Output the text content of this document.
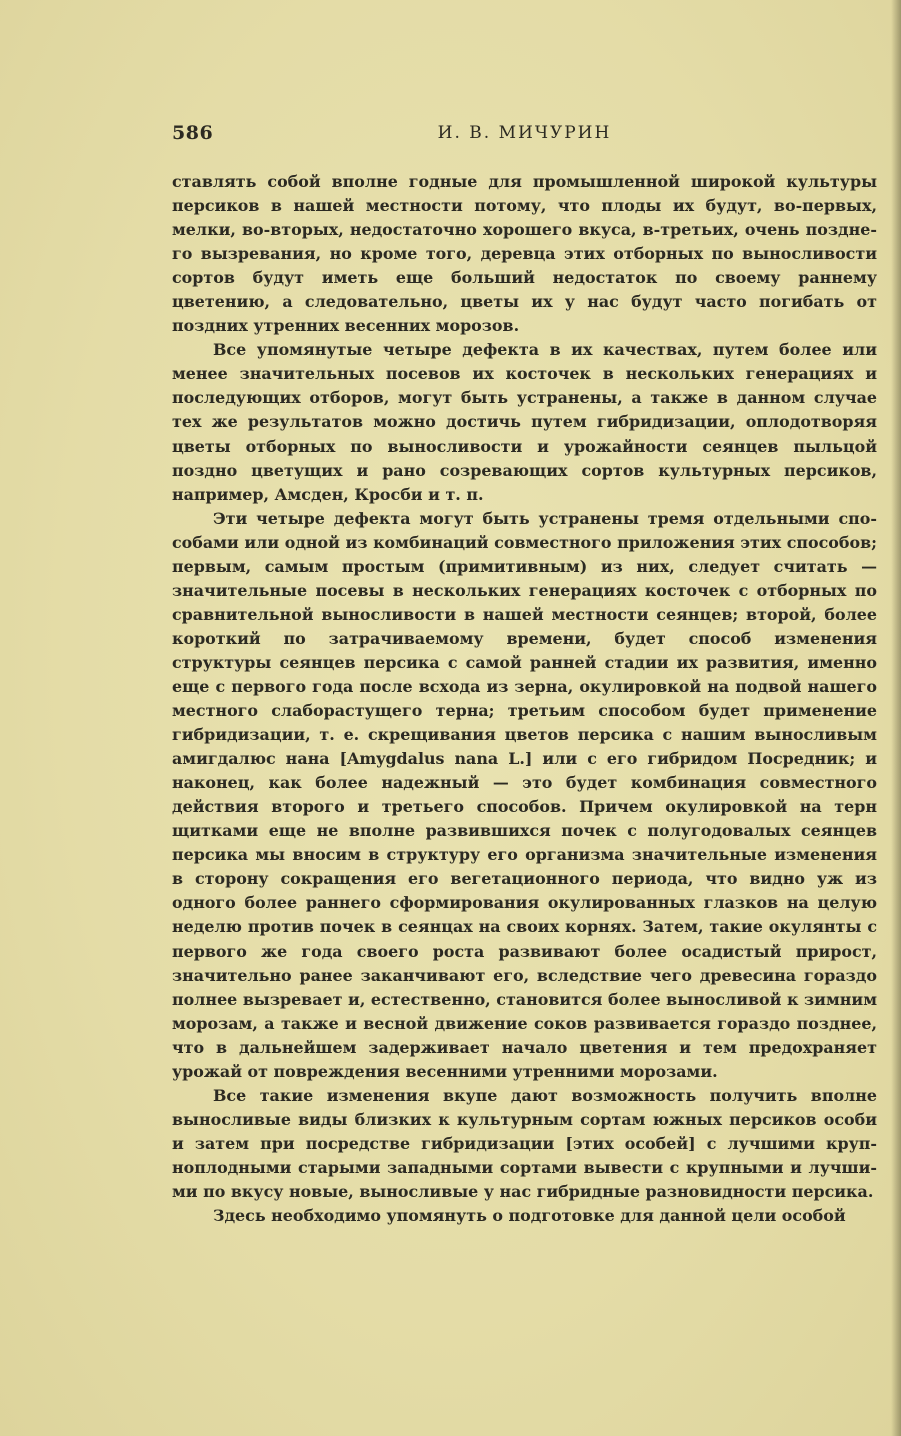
586	И. В. МИЧУРИН

ставлять собой вполне годные для промышленной широкой культуры персиков в нашей местности потому, что плоды их будут, во-первых, мелки, во-вторых, недостаточно хорошего вкуса, в-третьих, очень позднего вызревания, но кроме того, деревца этих отборных по выносливости сортов будут иметь еще больший недостаток по своему раннему цветению, а следовательно, цветы их у нас будут часто погибать от поздних утренних весенних морозов.

Все упомянутые четыре дефекта в их качествах, путем более или менее значительных посевов их косточек в нескольких генерациях и последующих отборов, могут быть устранены, а также в данном случае тех же результатов можно достичь путем гибридизации, оплодотворяя цветы отборных по выносливости и урожайности сеянцев пыльцой поздно цветущих и рано созревающих сортов культурных персиков, например, Амсден, Кросби и т. п.

Эти четыре дефекта могут быть устранены тремя отдельными способами или одной из комбинаций совместного приложения этих способов; первым, самым простым (примитивным) из них, следует считать — значительные посевы в нескольких генерациях косточек с отборных по сравнительной выносливости в нашей местности сеянцев; второй, более короткий по затрачиваемому времени, будет способ изменения структуры сеянцев персика с самой ранней стадии их развития, именно еще с первого года после всхода из зерна, окулировкой на подвой нашего местного слаборастущего терна; третьим способом будет применение гибридизации, т. е. скрещивания цветов персика с нашим выносливым амигдалюс нана [Amygdalus nana L.] или с его гибридом Посредник; и наконец, как более надежный — это будет комбинация совместного действия второго и третьего способов. Причем окулировкой на терн щитками еще не вполне развившихся почек с полугодовалых сеянцев персика мы вносим в структуру его организма значительные изменения в сторону сокращения его вегетационного периода, что видно уж из одного более раннего сформирования окулированных глазков на целую неделю против почек в сеянцах на своих корнях. Затем, такие окулянты с первого же года своего роста развивают более осадистый прирост, значительно ранее заканчивают его, вследствие чего древесина гораздо полнее вызревает и, естественно, становится более выносливой к зимним морозам, а также и весной движение соков развивается гораздо позднее, что в дальнейшем задерживает начало цветения и тем предохраняет урожай от повреждения весенними утренними морозами.

Все такие изменения вкупе дают возможность получить вполне выносливые виды близких к культурным сортам южных персиков особи и затем при посредстве гибридизации [этих особей] с лучшими крупноплодными старыми западными сортами вывести с крупными и лучшими по вкусу новые, выносливые у нас гибридные разновидности персика.

Здесь необходимо упомянуть о подготовке для данной цели особой
